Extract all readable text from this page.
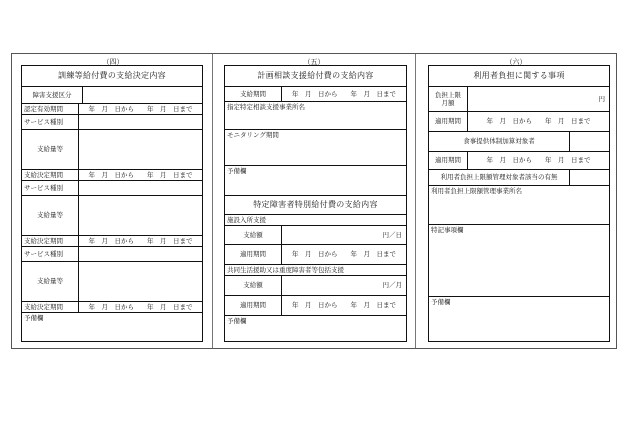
（四）	（五）	（六）
訓練等給付費の支給決定内容
障害支援区分
認定有効期間	年　月　日から　　年　月　日まで
サービス種別
支給量等
支給決定期間	年　月　日から　　年　月　日まで
サービス種別
支給量等
支給決定期間	年　月　日から　　年　月　日まで
サービス種別
支給量等
支給決定期間	年　月　日から　　年　月　日まで
予備欄
計画相談支援給付費の支給内容
支給期間	年　月　日から　　年　月　日まで
指定特定相談支援事業所名
モニタリング期間
予備欄
特定障害者特別給付費の支給内容
施設入所支援
支給額	円／日
適用期間	年　月　日から　　年　月　日まで
共同生活援助又は重度障害者等包括支援
支給額	円／月
適用期間	年　月　日から　　年　月　日まで
予備欄
利用者負担に関する事項
負担上限
月額
円
適用期間	年　月　日から　　年　月　日まで
食事提供体制加算対象者
適用期間	年　月　日から　　年　月　日まで
利用者負担上限額管理対象者該当の有無
利用者負担上限額管理事業所名
特記事項欄
予備欄
